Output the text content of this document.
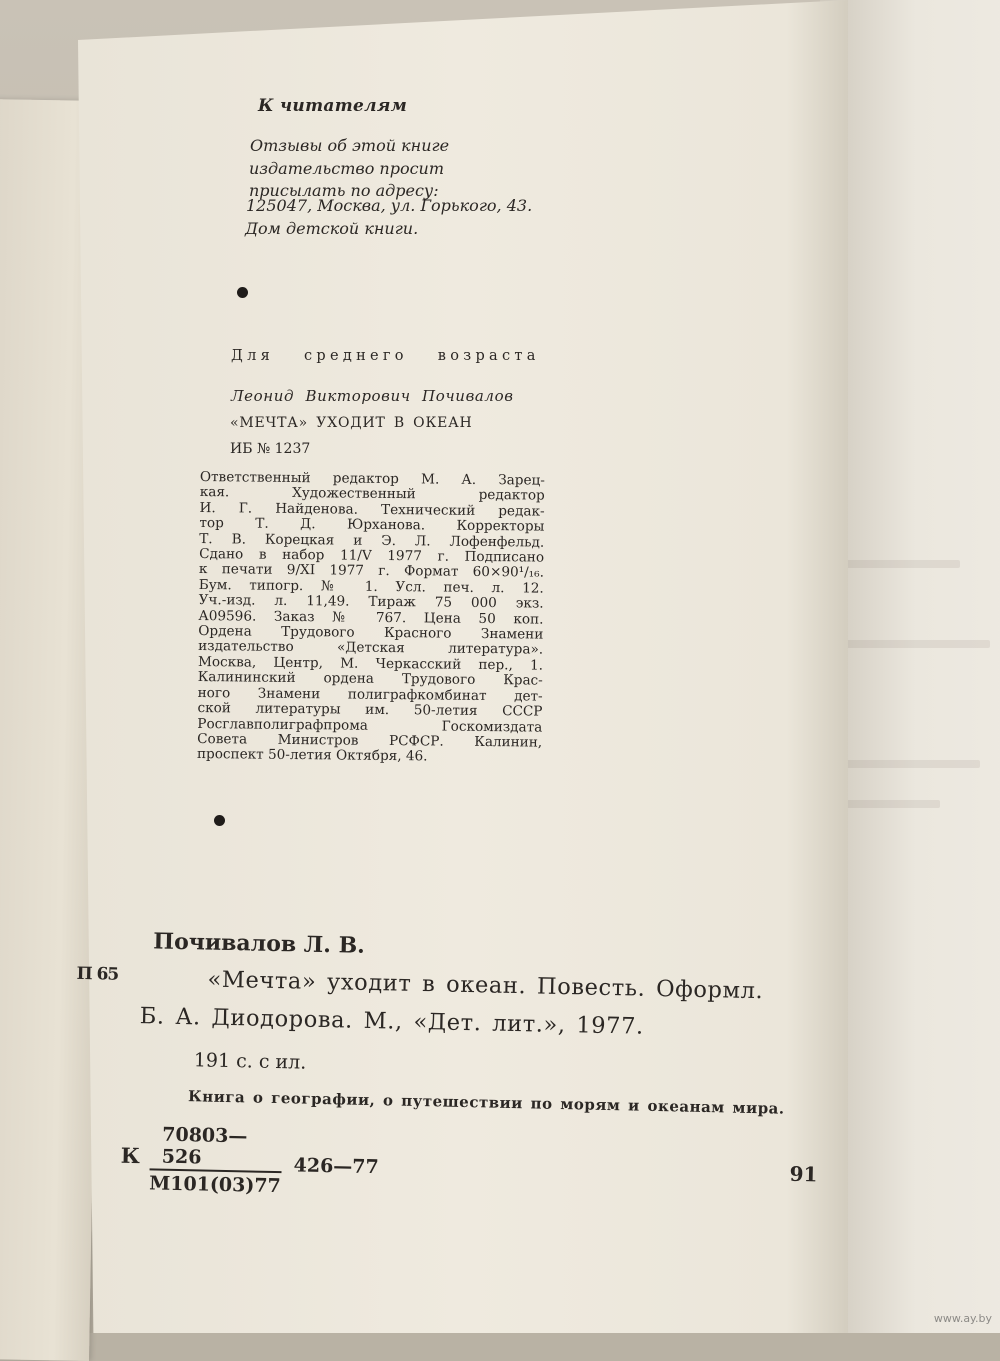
К читателям

Отзывы об этой книге

издательство просит

присылать по адресу:

125047, Москва, ул. Горького, 43.

Дом детской книги.

Для среднего возраста

Леонид Викторович Почивалов

«МЕЧТА» УХОДИТ В ОКЕАН

ИБ № 1237

Ответственный редактор М. А. Зарец-
кая. Художественный редактор
И. Г. Найденова. Технический редак-
тор Т. Д. Юрханова. Корректоры
Т. В. Корецкая и Э. Л. Лофенфельд.
Сдано в набор 11/V 1977 г. Подписано
к печати 9/XI 1977 г. Формат 60×90¹/₁₆.
Бум. типогр. № 1. Усл. печ. л. 12.
Уч.-изд. л. 11,49. Тираж 75 000 экз.
А09596. Заказ № 767. Цена 50 коп.
Ордена Трудового Красного Знамени
издательство «Детская литература».
Москва, Центр, М. Черкасский пер., 1.
Калининский ордена Трудового Крас-
ного Знамени полиграфкомбинат дет-
ской литературы им. 50-летия СССР
Росглавполиграфпрома Госкомиздата
Совета Министров РСФСР. Калинин,
проспект 50-летия Октября, 46.

Почивалов Л. В.

П 65	«Мечта» уходит в океан. Повесть. Оформл.

Б. А. Диодорова. М., «Дет. лит.», 1977.

191 с. с ил.

Книга о географии, о путешествии по морям и океанам мира.

К

70803—526
М101(03)77

426—77	91

www.ay.by
